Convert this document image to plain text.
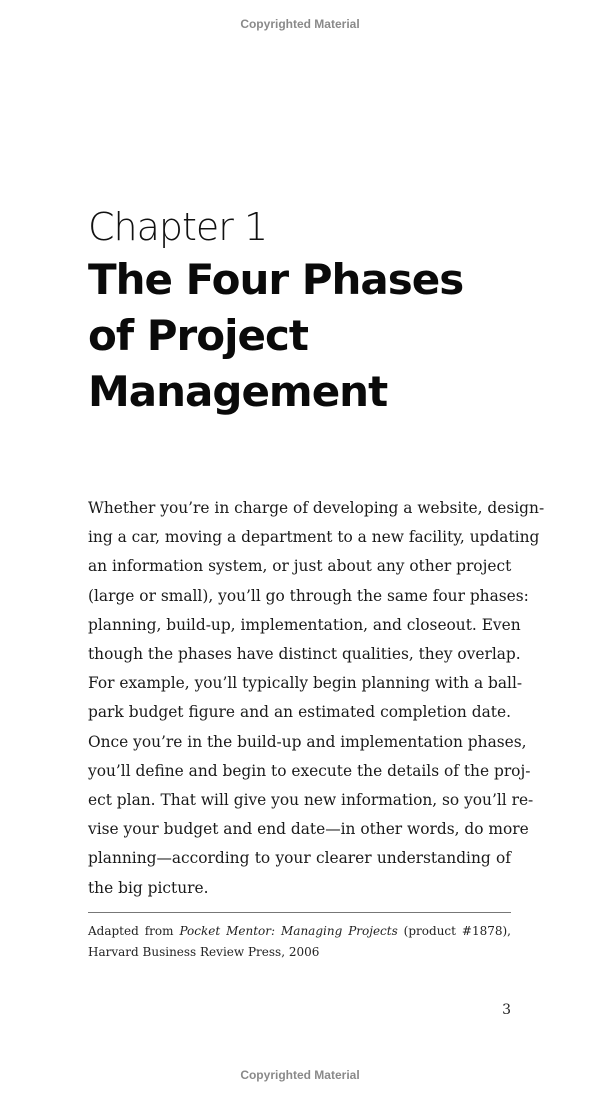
Copyrighted Material
Chapter 1
The Four Phases
of Project
Management
Whether you’re in charge of developing a website, design-
ing a car, moving a department to a new facility, updating
an information system, or just about any other project
(large or small), you’ll go through the same four phases:
planning, build-up, implementation, and closeout. Even
though the phases have distinct qualities, they overlap.
For example, you’ll typically begin planning with a ball-
park budget figure and an estimated completion date.
Once you’re in the build-up and implementation phases,
you’ll define and begin to execute the details of the proj-
ect plan. That will give you new information, so you’ll re-
vise your budget and end date—in other words, do more
planning—according to your clearer understanding of
the big picture.
Adapted from Pocket Mentor: Managing Projects (product #1878),
Harvard Business Review Press, 2006
3
Copyrighted Material
